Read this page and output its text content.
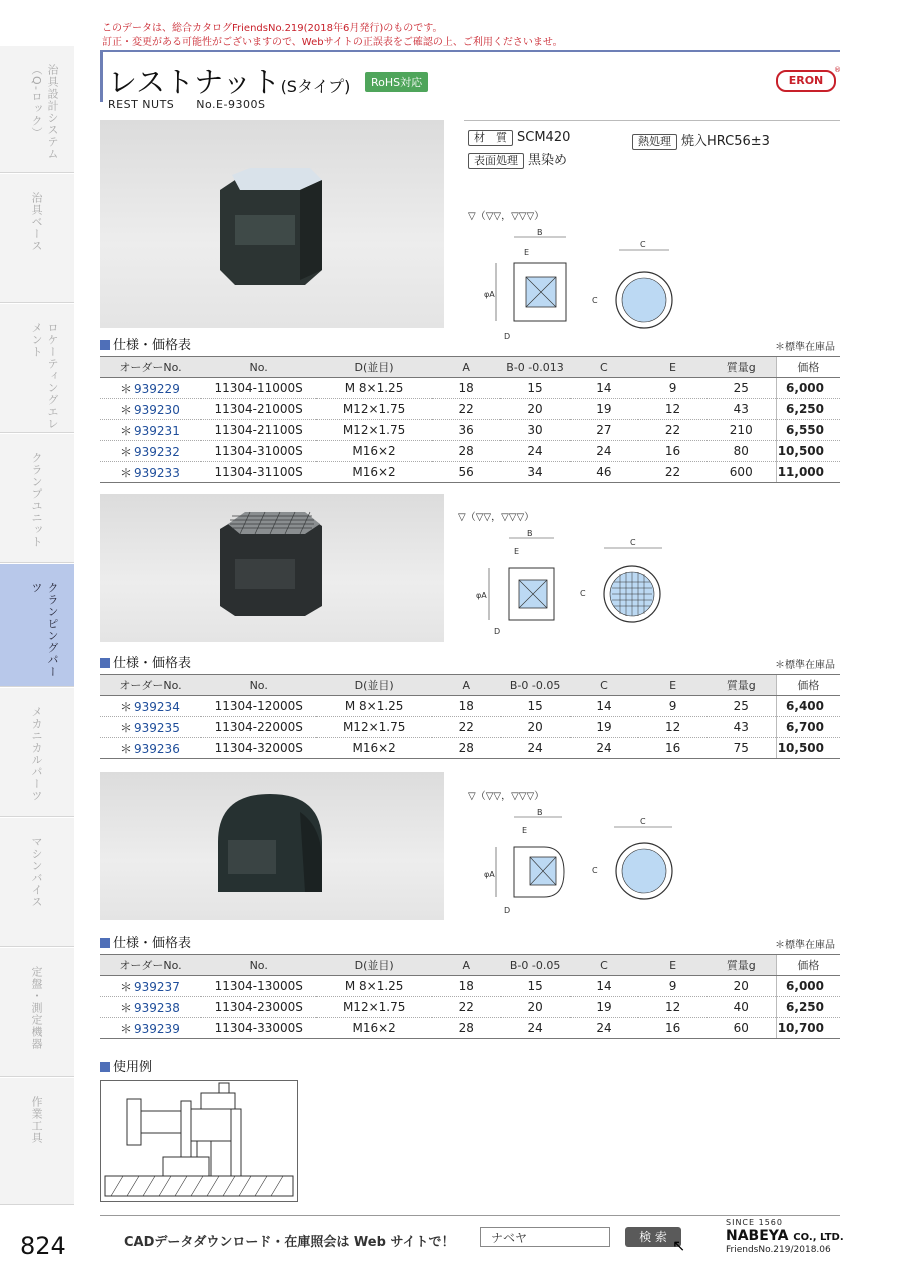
このデータは、総合カタログFriendsNo.219(2018年6月発行)のものです。
訂正・変更がある可能性がございますので、Webサイトの正誤表をご確認の上、ご利用くださいませ。
治具設計システム（Q-ロック）
治具ベース
ロケーティングエレメント
クランプユニット
クランピングパーツ
メカニカルパーツ
マシンバイス
定盤・測定機器
作業工具
レストナット(Sタイプ)	RoHS対応
REST NUTS No.E-9300S
ERON
®
材　質 SCM420	熱処理 焼入HRC56±3
表面処理 黒染め
▽（▽▽，▽▽▽）
B
E
φA
D
C
C
仕様・価格表	＊標準在庫品
オーダーNo.	No.	D(並目)	A	B-0 -0.013	C	E	質量g	価格
＊ 939229	11304-11000S	M 8×1.25	18	15	14	9	25	6,000
＊ 939230	11304-21000S	M12×1.75	22	20	19	12	43	6,250
＊ 939231	11304-21100S	M12×1.75	36	30	27	22	210	6,550
＊ 939232	11304-31000S	M16×2	28	24	24	16	80	10,500
＊ 939233	11304-31100S	M16×2	56	34	46	22	600	11,000
▽（▽▽，▽▽▽）
B
E
φA
D
C
C
仕様・価格表	＊標準在庫品
オーダーNo.	No.	D(並目)	A	B-0 -0.05	C	E	質量g	価格
＊ 939234	11304-12000S	M 8×1.25	18	15	14	9	25	6,400
＊ 939235	11304-22000S	M12×1.75	22	20	19	12	43	6,700
＊ 939236	11304-32000S	M16×2	28	24	24	16	75	10,500
▽（▽▽，▽▽▽）
B
E
φA
D
C
C
仕様・価格表	＊標準在庫品
オーダーNo.	No.	D(並目)	A	B-0 -0.05	C	E	質量g	価格
＊ 939237	11304-13000S	M 8×1.25	18	15	14	9	20	6,000
＊ 939238	11304-23000S	M12×1.75	22	20	19	12	40	6,250
＊ 939239	11304-33000S	M16×2	28	24	24	16	60	10,700
使用例
824	CADデータダウンロード・在庫照会は Web サイトで！	ナベヤ	検 索 ↖
SINCE 1560
NABEYA CO., LTD.
FriendsNo.219/2018.06
